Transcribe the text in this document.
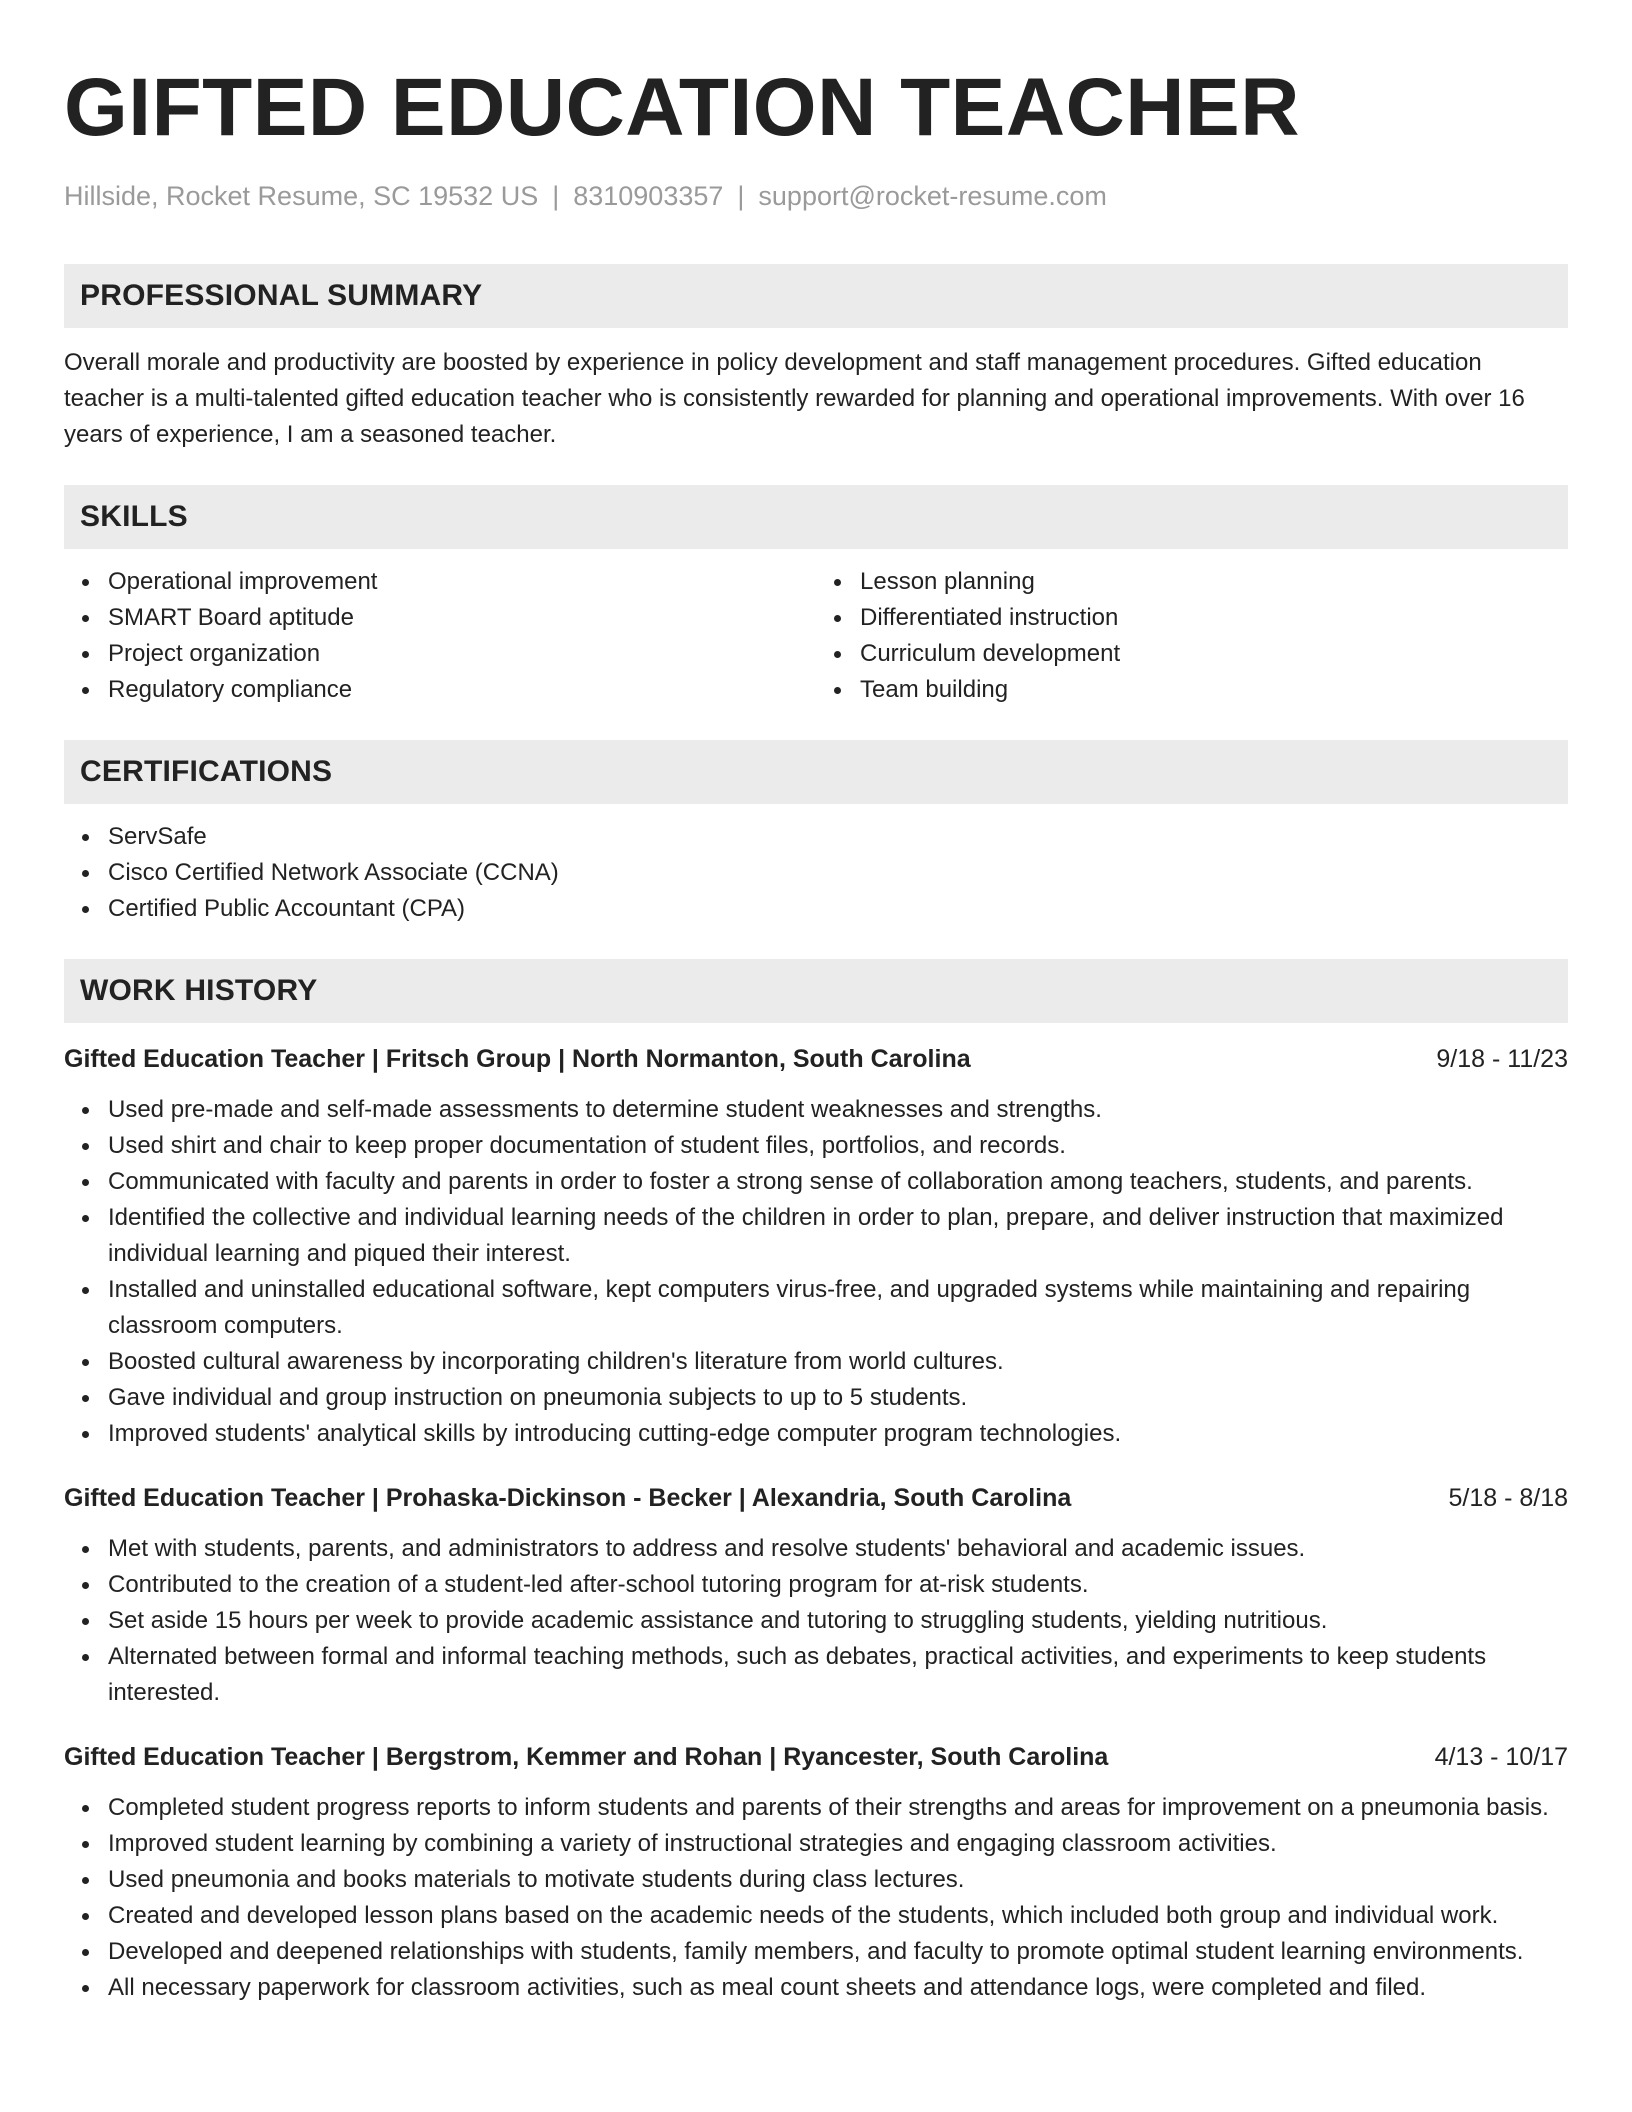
GIFTED EDUCATION TEACHER
Hillside, Rocket Resume, SC 19532 US | 8310903357 | support@rocket-resume.com
PROFESSIONAL SUMMARY

Overall morale and productivity are boosted by experience in policy development and staff management procedures. Gifted education teacher is a multi-talented gifted education teacher who is consistently rewarded for planning and operational improvements. With over 16 years of experience, I am a seasoned teacher.

SKILLS
Operational improvement
SMART Board aptitude
Project organization
Regulatory compliance
Lesson planning
Differentiated instruction
Curriculum development
Team building
CERTIFICATIONS
ServSafe
Cisco Certified Network Associate (CCNA)
Certified Public Accountant (CPA)
WORK HISTORY
Gifted Education Teacher | Fritsch Group | North Normanton, South Carolina	9/18 - 11/23
Used pre-made and self-made assessments to determine student weaknesses and strengths.
Used shirt and chair to keep proper documentation of student files, portfolios, and records.
Communicated with faculty and parents in order to foster a strong sense of collaboration among teachers, students, and parents.
Identified the collective and individual learning needs of the children in order to plan, prepare, and deliver instruction that maximized individual learning and piqued their interest.
Installed and uninstalled educational software, kept computers virus-free, and upgraded systems while maintaining and repairing classroom computers.
Boosted cultural awareness by incorporating children's literature from world cultures.
Gave individual and group instruction on pneumonia subjects to up to 5 students.
Improved students' analytical skills by introducing cutting-edge computer program technologies.
Gifted Education Teacher | Prohaska-Dickinson - Becker | Alexandria, South Carolina	5/18 - 8/18
Met with students, parents, and administrators to address and resolve students' behavioral and academic issues.
Contributed to the creation of a student-led after-school tutoring program for at-risk students.
Set aside 15 hours per week to provide academic assistance and tutoring to struggling students, yielding nutritious.
Alternated between formal and informal teaching methods, such as debates, practical activities, and experiments to keep students interested.
Gifted Education Teacher | Bergstrom, Kemmer and Rohan | Ryancester, South Carolina	4/13 - 10/17
Completed student progress reports to inform students and parents of their strengths and areas for improvement on a pneumonia basis.
Improved student learning by combining a variety of instructional strategies and engaging classroom activities.
Used pneumonia and books materials to motivate students during class lectures.
Created and developed lesson plans based on the academic needs of the students, which included both group and individual work.
Developed and deepened relationships with students, family members, and faculty to promote optimal student learning environments.
All necessary paperwork for classroom activities, such as meal count sheets and attendance logs, were completed and filed.
